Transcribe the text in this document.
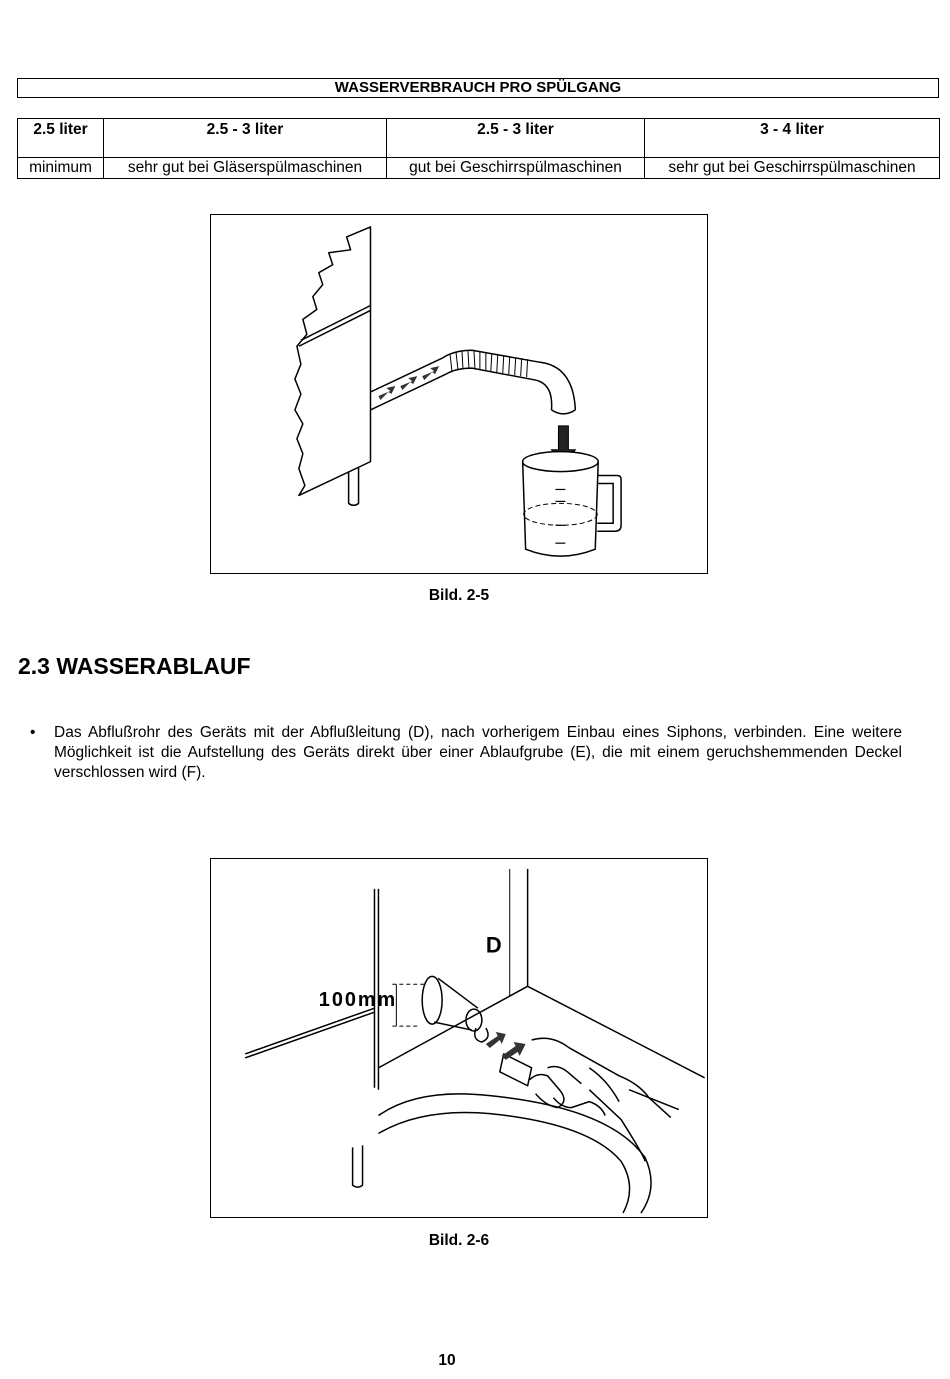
WASSERVERBRAUCH PRO SPÜLGANG
2.5 liter	2.5 - 3 liter	2.5 - 3 liter	3 - 4 liter
minimum	sehr gut bei Gläserspülmaschinen	gut bei Geschirrspülmaschinen	sehr gut bei Geschirrspülmaschinen
Bild. 2-5
2.3 WASSERABLAUF
• Das Abflußrohr des Geräts mit der Abflußleitung (D), nach vorherigem Einbau eines Siphons, verbinden. Eine weitere Möglichkeit ist die Aufstellung des Geräts direkt über einer Ablaufgrube (E), die mit einem geruchshemmenden Deckel verschlossen wird (F).

D
100mm
Bild. 2-6
10
